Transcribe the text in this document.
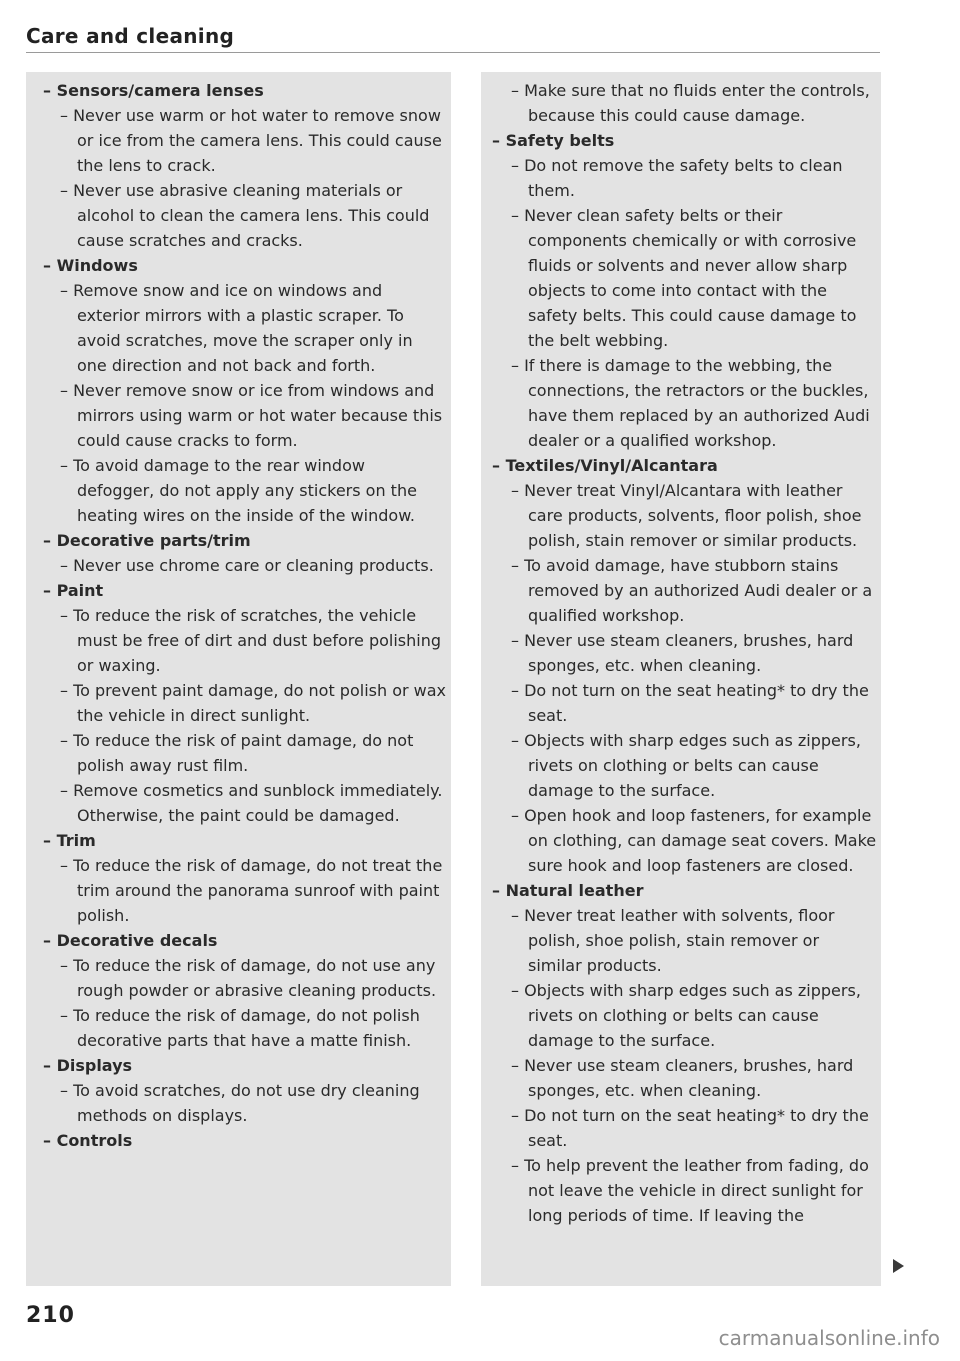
Care and cleaning
– Sensors/camera lenses
– Never use warm or hot water to remove snow or ice from the camera lens. This could cause the lens to crack.
– Never use abrasive cleaning materials or alcohol to clean the camera lens. This could cause scratches and cracks.
– Windows
– Remove snow and ice on windows and exterior mirrors with a plastic scraper. To avoid scratches, move the scraper only in one direction and not back and forth.
– Never remove snow or ice from windows and mirrors using warm or hot water because this could cause cracks to form.
– To avoid damage to the rear window defogger, do not apply any stickers on the heating wires on the inside of the window.
– Decorative parts/trim
– Never use chrome care or cleaning products.
– Paint
– To reduce the risk of scratches, the vehicle must be free of dirt and dust before polishing or waxing.
– To prevent paint damage, do not polish or wax the vehicle in direct sunlight.
– To reduce the risk of paint damage, do not polish away rust film.
– Remove cosmetics and sunblock immediately. Otherwise, the paint could be damaged.
– Trim
– To reduce the risk of damage, do not treat the trim around the panorama sunroof with paint polish.
– Decorative decals
– To reduce the risk of damage, do not use any rough powder or abrasive cleaning products.
– To reduce the risk of damage, do not polish decorative parts that have a matte finish.
– Displays
– To avoid scratches, do not use dry cleaning methods on displays.
– Controls
– Make sure that no fluids enter the controls, because this could cause damage.
– Safety belts
– Do not remove the safety belts to clean them.
– Never clean safety belts or their components chemically or with corrosive fluids or solvents and never allow sharp objects to come into contact with the safety belts. This could cause damage to the belt webbing.
– If there is damage to the webbing, the connections, the retractors or the buckles, have them replaced by an authorized Audi dealer or a qualified workshop.
– Textiles/Vinyl/Alcantara
– Never treat Vinyl/Alcantara with leather care products, solvents, floor polish, shoe polish, stain remover or similar products.
– To avoid damage, have stubborn stains removed by an authorized Audi dealer or a qualified workshop.
– Never use steam cleaners, brushes, hard sponges, etc. when cleaning.
– Do not turn on the seat heating* to dry the seat.
– Objects with sharp edges such as zippers, rivets on clothing or belts can cause damage to the surface.
– Open hook and loop fasteners, for example on clothing, can damage seat covers. Make sure hook and loop fasteners are closed.
– Natural leather
– Never treat leather with solvents, floor polish, shoe polish, stain remover or similar products.
– Objects with sharp edges such as zippers, rivets on clothing or belts can cause damage to the surface.
– Never use steam cleaners, brushes, hard sponges, etc. when cleaning.
– Do not turn on the seat heating* to dry the seat.
– To help prevent the leather from fading, do not leave the vehicle in direct sunlight for long periods of time. If leaving the
210
carmanualsonline.info
